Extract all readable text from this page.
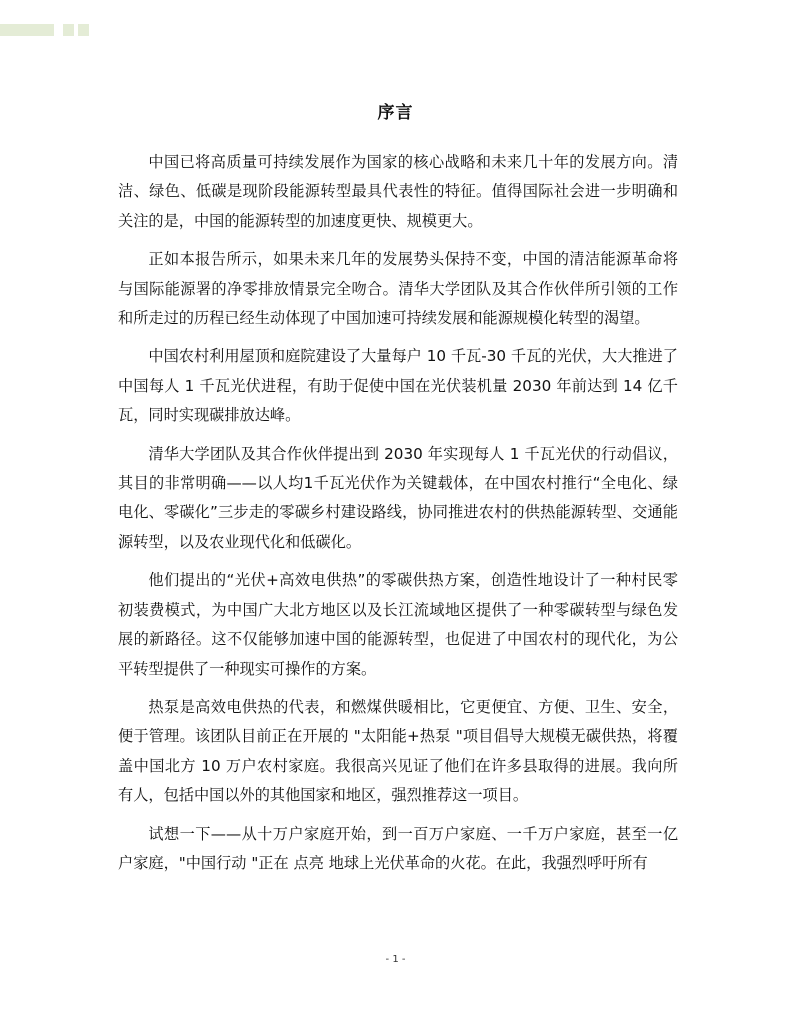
序言

中国已将高质量可持续发展作为国家的核心战略和未来几十年的发展方向。清洁、绿色、低碳是现阶段能源转型最具代表性的特征。值得国际社会进一步明确和关注的是，中国的能源转型的加速度更快、规模更大。

正如本报告所示，如果未来几年的发展势头保持不变，中国的清洁能源革命将与国际能源署的净零排放情景完全吻合。清华大学团队及其合作伙伴所引领的工作和所走过的历程已经生动体现了中国加速可持续发展和能源规模化转型的渴望。

中国农村利用屋顶和庭院建设了大量每户 10 千瓦-30 千瓦的光伏，大大推进了中国每人 1 千瓦光伏进程，有助于促使中国在光伏装机量 2030 年前达到 14 亿千瓦，同时实现碳排放达峰。

清华大学团队及其合作伙伴提出到 2030 年实现每人 1 千瓦光伏的行动倡议，其目的非常明确——以人均1千瓦光伏作为关键载体，在中国农村推行“全电化、绿电化、零碳化”三步走的零碳乡村建设路线，协同推进农村的供热能源转型、交通能源转型，以及农业现代化和低碳化。

他们提出的“光伏+高效电供热”的零碳供热方案，创造性地设计了一种村民零初装费模式，为中国广大北方地区以及长江流域地区提供了一种零碳转型与绿色发展的新路径。这不仅能够加速中国的能源转型，也促进了中国农村的现代化，为公平转型提供了一种现实可操作的方案。

热泵是高效电供热的代表，和燃煤供暖相比，它更便宜、方便、卫生、安全，便于管理。该团队目前正在开展的 "太阳能+热泵 "项目倡导大规模无碳供热，将覆盖中国北方 10 万户农村家庭。我很高兴见证了他们在许多县取得的进展。我向所有人，包括中国以外的其他国家和地区，强烈推荐这一项目。

试想一下——从十万户家庭开始，到一百万户家庭、一千万户家庭，甚至一亿户家庭，"中国行动 "正在 点亮 地球上光伏革命的火花。在此，我强烈呼吁所有

- 1 -
